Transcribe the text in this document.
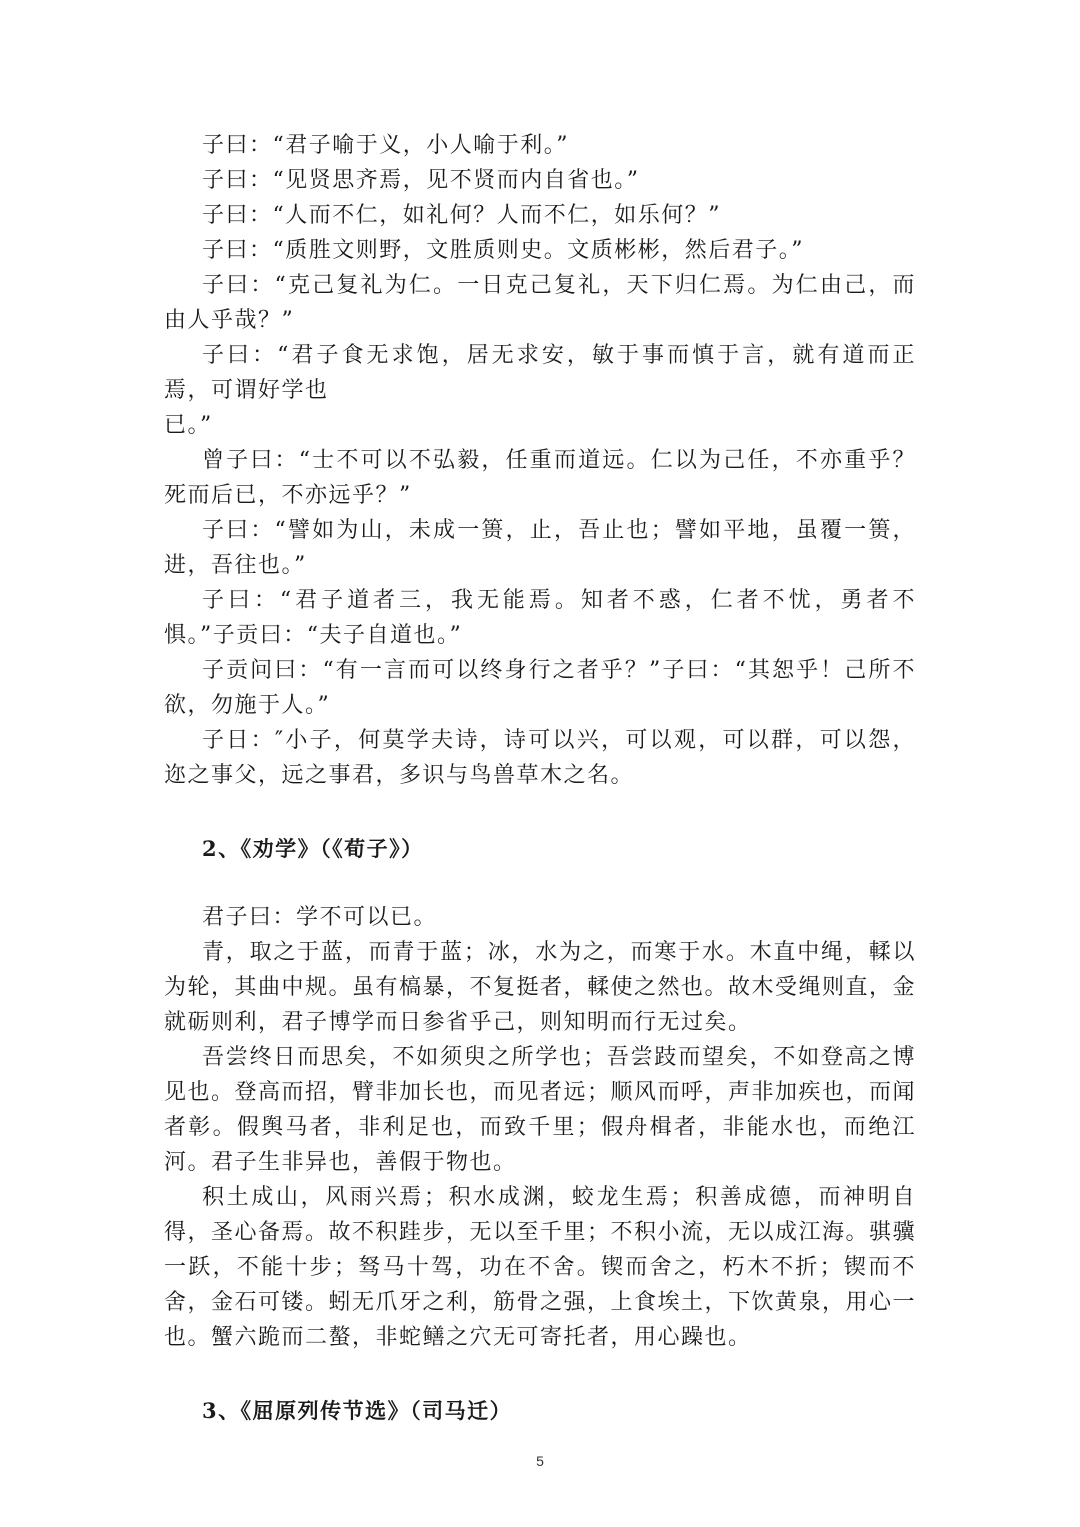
子曰：“君子喻于义，小人喻于利。”

子曰：“见贤思齐焉，见不贤而内自省也。”

子曰：“人而不仁，如礼何？人而不仁，如乐何？”

子曰：“质胜文则野，文胜质则史。文质彬彬，然后君子。”

子曰：“克己复礼为仁。一日克己复礼，天下归仁焉。为仁由己，而由人乎哉？”

子曰：“君子食无求饱，居无求安，敏于事而慎于言，就有道而正焉，可谓好学也

已。”

曾子曰：“士不可以不弘毅，任重而道远。仁以为己任，不亦重乎？死而后已，不亦远乎？”

子曰：“譬如为山，未成一篑，止，吾止也；譬如平地，虽覆一篑，进，吾往也。”

子曰：“君子道者三，我无能焉。知者不惑，仁者不忧，勇者不惧。”子贡曰：“夫子自道也。”

子贡问曰：“有一言而可以终身行之者乎？”子曰：“其恕乎！己所不欲，勿施于人。”

子日：″小子，何莫学夫诗，诗可以兴，可以观，可以群，可以怨，迩之事父，远之事君，多识与鸟兽草木之名。

2、《劝学》（《荀子》）

君子曰：学不可以已。

青，取之于蓝，而青于蓝；冰，水为之，而寒于水。木直中绳，輮以为轮，其曲中规。虽有槁暴，不复挺者，輮使之然也。故木受绳则直，金就砺则利，君子博学而日参省乎己，则知明而行无过矣。

吾尝终日而思矣，不如须臾之所学也；吾尝跂而望矣，不如登高之博见也。登高而招，臂非加长也，而见者远；顺风而呼，声非加疾也，而闻者彰。假舆马者，非利足也，而致千里；假舟楫者，非能水也，而绝江河。君子生非异也，善假于物也。

积土成山，风雨兴焉；积水成渊，蛟龙生焉；积善成德，而神明自得，圣心备焉。故不积跬步，无以至千里；不积小流，无以成江海。骐骥一跃，不能十步；驽马十驾，功在不舍。锲而舍之，朽木不折；锲而不舍，金石可镂。蚓无爪牙之利，筋骨之强，上食埃土，下饮黄泉，用心一也。蟹六跪而二螯，非蛇鳝之穴无可寄托者，用心躁也。

3、《屈原列传节选》（司马迁）

5
